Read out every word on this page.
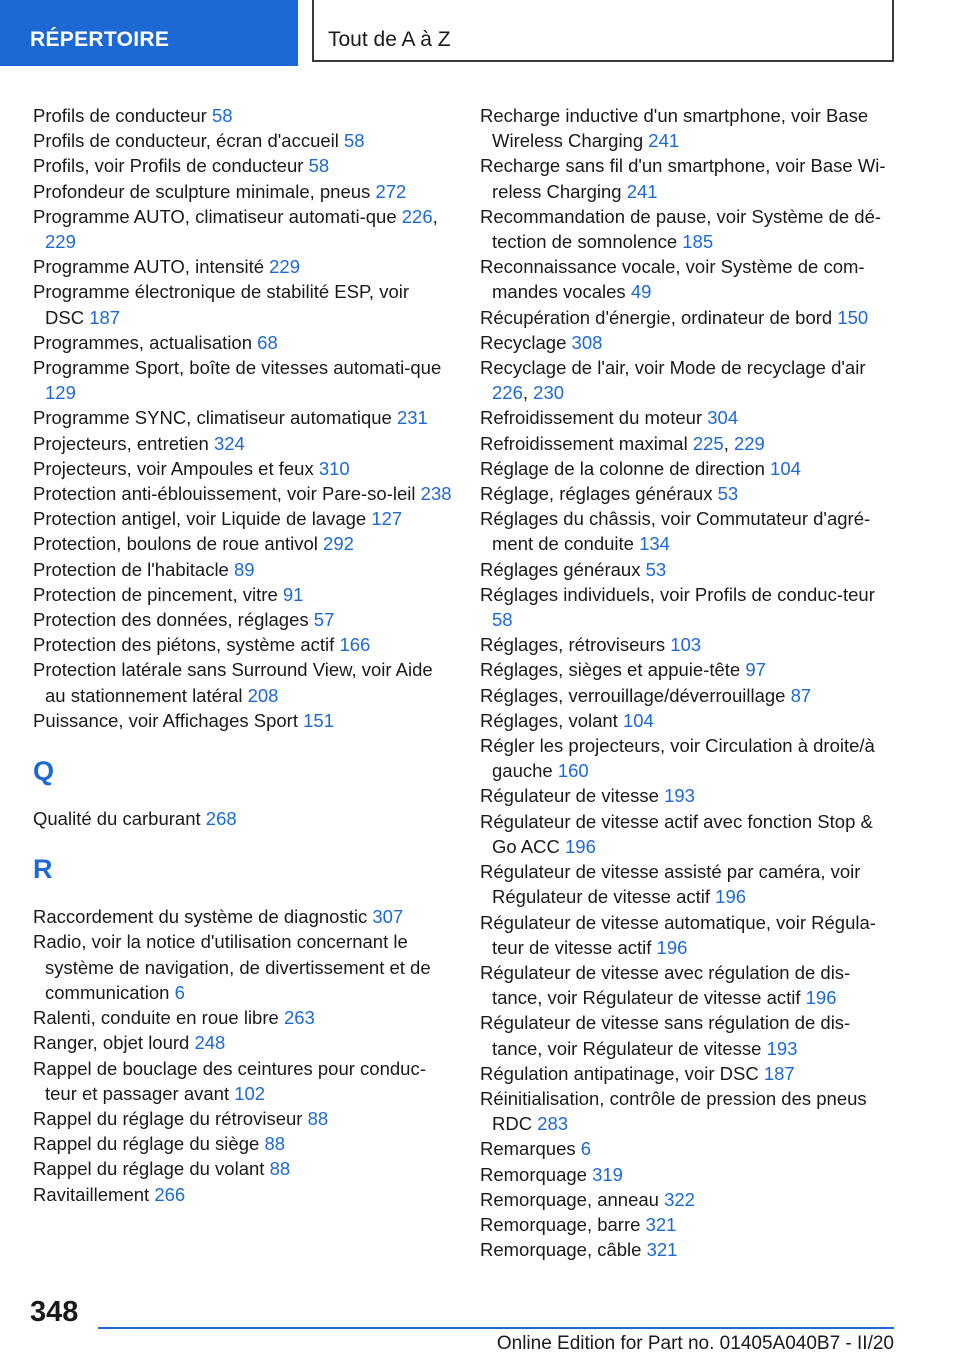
RÉPERTOIRE	Tout de A à Z
Profils de conducteur 58
Profils de conducteur, écran d'accueil 58
Profils, voir Profils de conducteur 58
Profondeur de sculpture minimale, pneus 272
Programme AUTO, climatiseur automati‐que 226, 229
Programme AUTO, intensité 229
Programme électronique de stabilité ESP, voir DSC 187
Programmes, actualisation 68
Programme Sport, boîte de vitesses automati‐que 129
Programme SYNC, climatiseur automatique 231
Projecteurs, entretien 324
Projecteurs, voir Ampoules et feux 310
Protection anti-éblouissement, voir Pare-so‐leil 238
Protection antigel, voir Liquide de lavage 127
Protection, boulons de roue antivol 292
Protection de l'habitacle 89
Protection de pincement, vitre 91
Protection des données, réglages 57
Protection des piétons, système actif 166
Protection latérale sans Surround View, voir Aide au stationnement latéral 208
Puissance, voir Affichages Sport 151
Q
Qualité du carburant 268
R
Raccordement du système de diagnostic 307
Radio, voir la notice d'utilisation concernant le système de navigation, de divertissement et de communication 6
Ralenti, conduite en roue libre 263
Ranger, objet lourd 248
Rappel de bouclage des ceintures pour conduc‐teur et passager avant 102
Rappel du réglage du rétroviseur 88
Rappel du réglage du siège 88
Rappel du réglage du volant 88
Ravitaillement 266
Recharge inductive d'un smartphone, voir Base Wireless Charging 241
Recharge sans fil d'un smartphone, voir Base Wi‐reless Charging 241
Recommandation de pause, voir Système de dé‐tection de somnolence 185
Reconnaissance vocale, voir Système de com‐mandes vocales 49
Récupération d'énergie, ordinateur de bord 150
Recyclage 308
Recyclage de l'air, voir Mode de recyclage d'air 226, 230
Refroidissement du moteur 304
Refroidissement maximal 225, 229
Réglage de la colonne de direction 104
Réglage, réglages généraux 53
Réglages du châssis, voir Commutateur d'agré‐ment de conduite 134
Réglages généraux 53
Réglages individuels, voir Profils de conduc‐teur 58
Réglages, rétroviseurs 103
Réglages, sièges et appuie-tête 97
Réglages, verrouillage/déverrouillage 87
Réglages, volant 104
Régler les projecteurs, voir Circulation à droite/à gauche 160
Régulateur de vitesse 193
Régulateur de vitesse actif avec fonction Stop & Go ACC 196
Régulateur de vitesse assisté par caméra, voir Régulateur de vitesse actif 196
Régulateur de vitesse automatique, voir Régula‐teur de vitesse actif 196
Régulateur de vitesse avec régulation de dis‐tance, voir Régulateur de vitesse actif 196
Régulateur de vitesse sans régulation de dis‐tance, voir Régulateur de vitesse 193
Régulation antipatinage, voir DSC 187
Réinitialisation, contrôle de pression des pneus RDC 283
Remarques 6
Remorquage 319
Remorquage, anneau 322
Remorquage, barre 321
Remorquage, câble 321
348
Online Edition for Part no. 01405A040B7 - II/20
